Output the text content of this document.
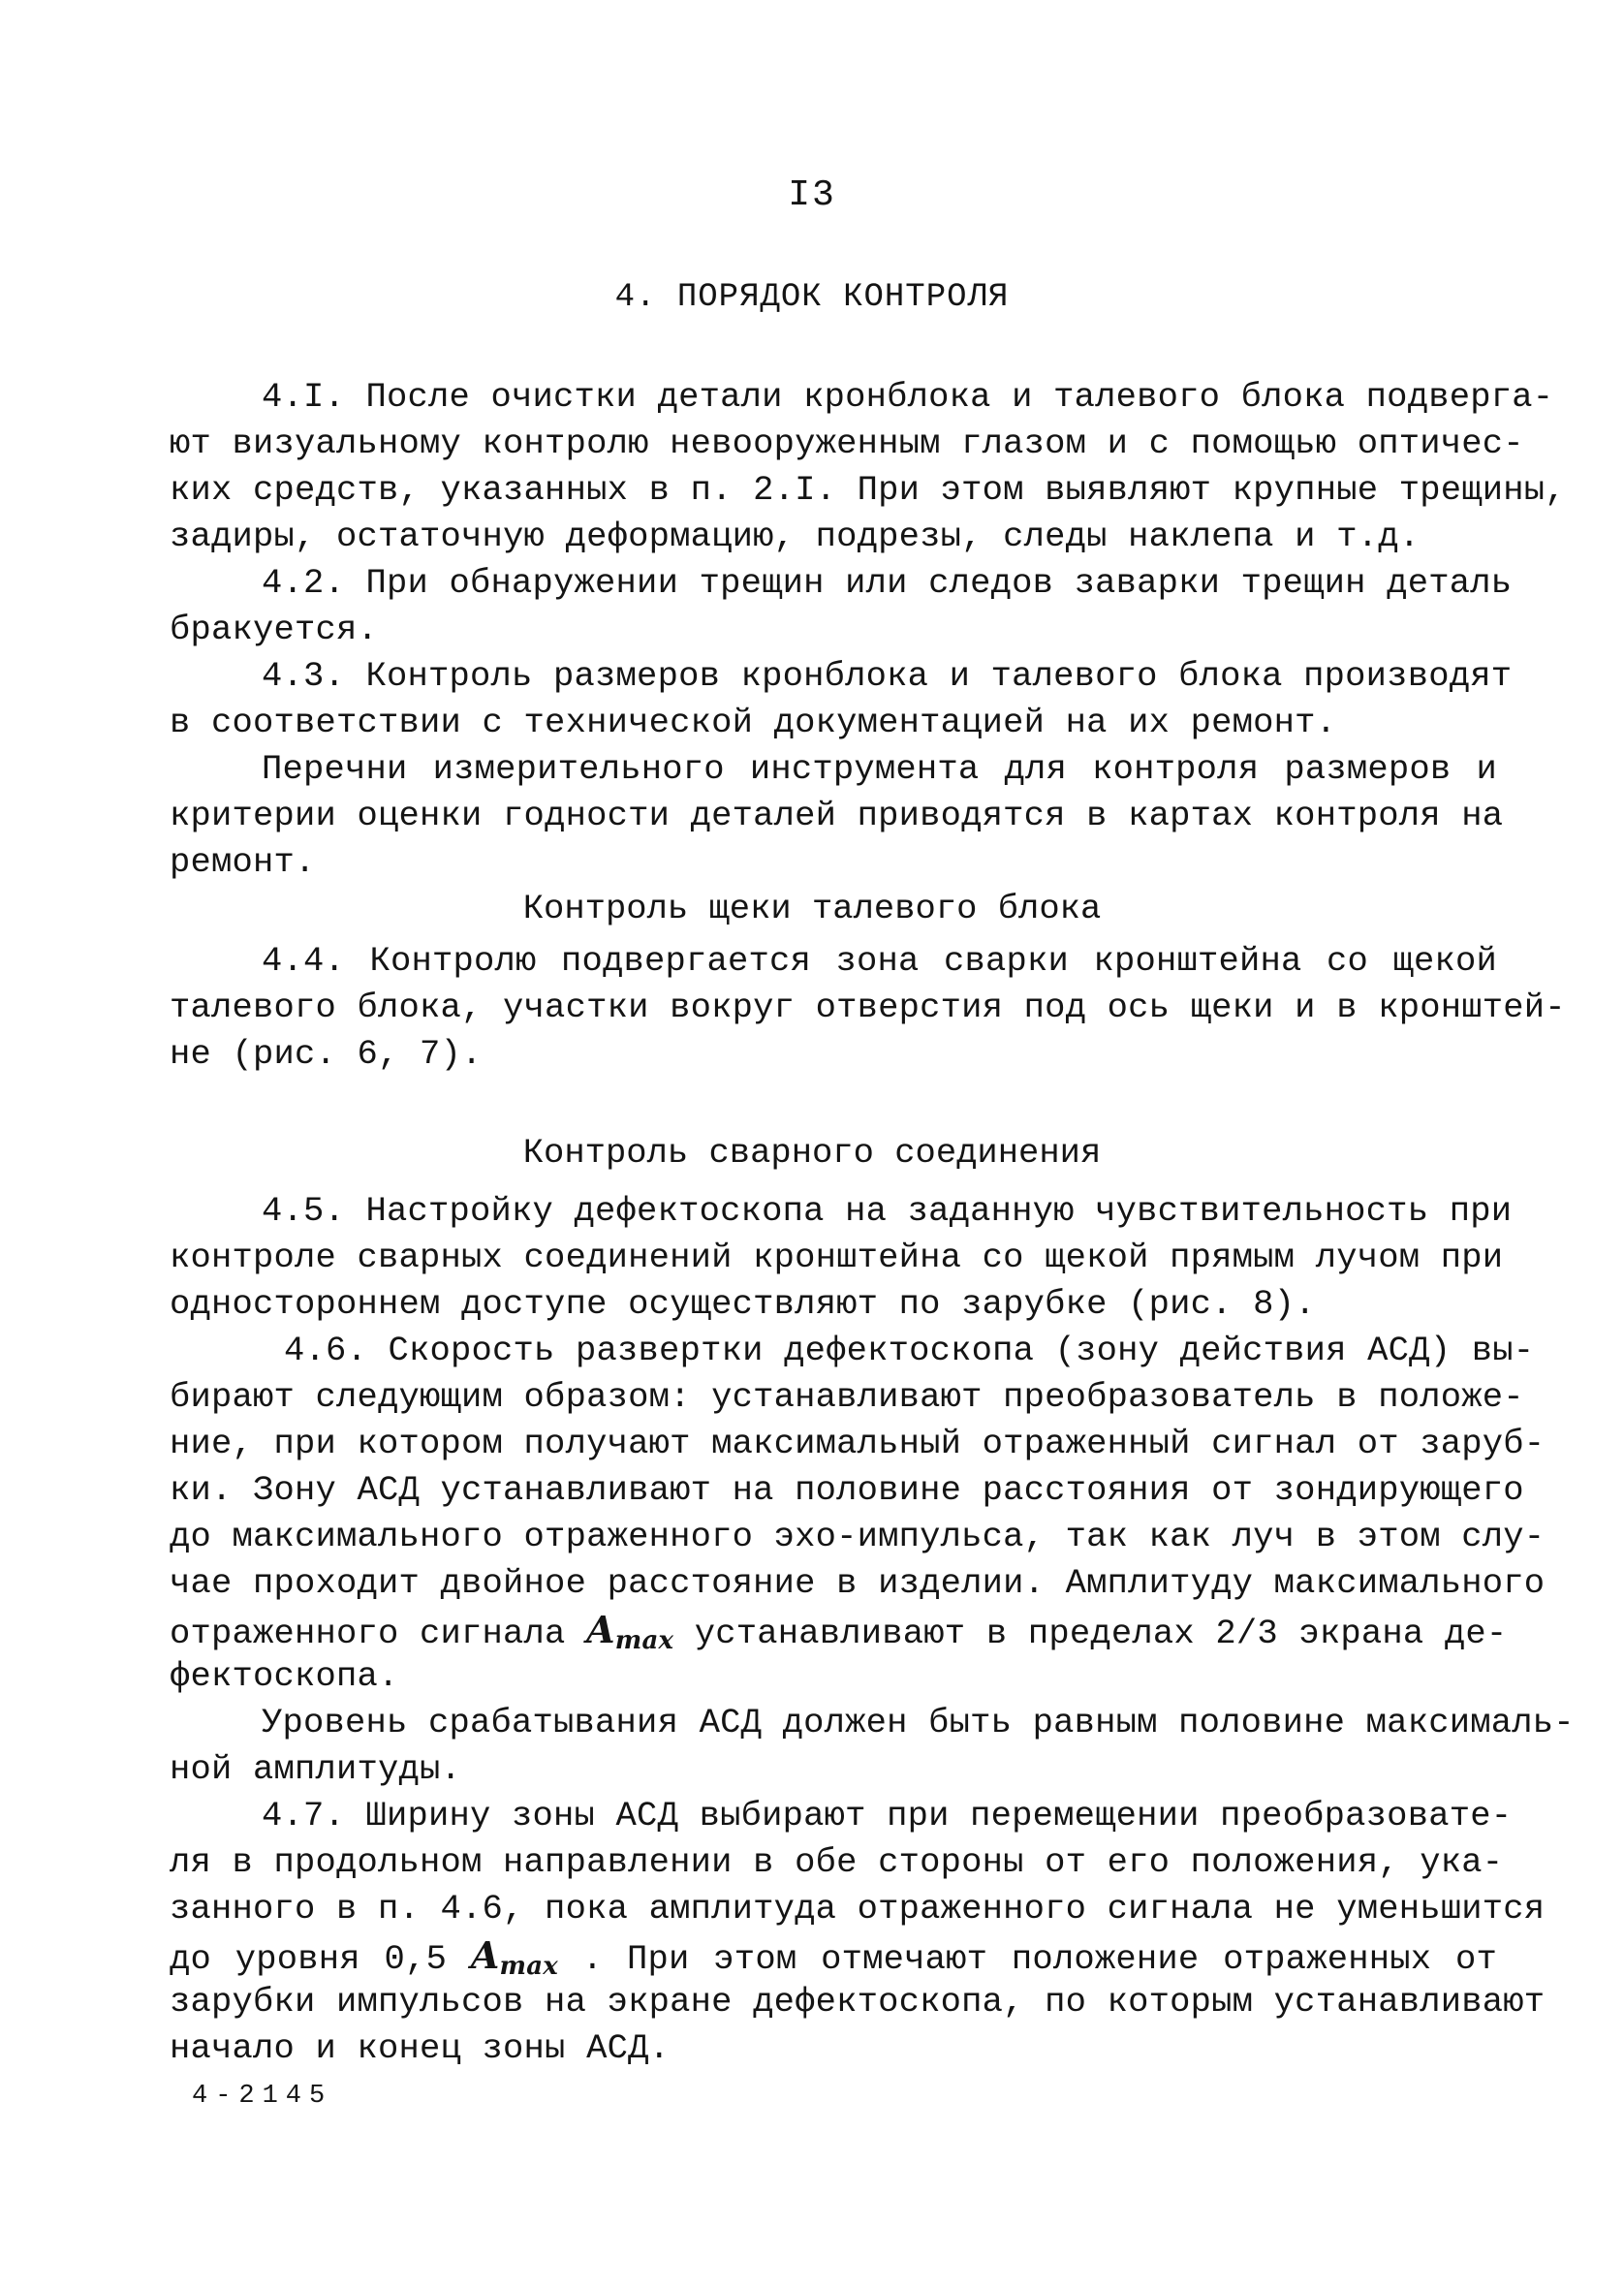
I3
4. ПОРЯДОК КОНТРОЛЯ
4.I. После очистки детали кронблока и талевого блока подверга-
ют визуальному контролю невооруженным глазом и с помощью оптичес-
ких средств, указанных в п. 2.I. При этом выявляют крупные трещины,
задиры, остаточную деформацию, подрезы, следы наклепа и т.д.
4.2. При обнаружении трещин или следов заварки трещин деталь
бракуется.
4.3. Контроль размеров кронблока и талевого блока производят
в соответствии с технической документацией на их ремонт.
Перечни измерительного инструмента для контроля размеров и
критерии оценки годности деталей приводятся в картах контроля на
ремонт.
Контроль щеки талевого блока
4.4. Контролю подвергается зона сварки кронштейна со щекой
талевого блока, участки вокруг отверстия под ось щеки и в кронштей-
не (рис. 6, 7).
Контроль сварного соединения
4.5. Настройку дефектоскопа на заданную чувствительность при
контроле сварных соединений кронштейна со щекой прямым лучом при
одностороннем доступе осуществляют по зарубке (рис. 8).
4.6. Скорость развертки дефектоскопа (зону действия АСД) вы-
бирают следующим образом: устанавливают преобразователь в положе-
ние, при котором получают максимальный отраженный сигнал от заруб-
ки. Зону АСД устанавливают на половине расстояния от зондирующего
до максимального отраженного эхо-импульса, так как луч в этом слу-
чае проходит двойное расстояние в изделии. Амплитуду максимального
отраженного сигнала $A_{max}$ устанавливают в пределах 2/3 экрана де-
фектоскопа.
Уровень срабатывания АСД должен быть равным половине максималь-
ной амплитуды.
4.7. Ширину зоны АСД выбирают при перемещении преобразовате-
ля в продольном направлении в обе стороны от его положения, ука-
занного в п. 4.6, пока амплитуда отраженного сигнала не уменьшится
до уровня 0,5 $A_{max}$ . При этом отмечают положение отраженных от
зарубки импульсов на экране дефектоскопа, по которым устанавливают
начало и конец зоны АСД.
4-2145
